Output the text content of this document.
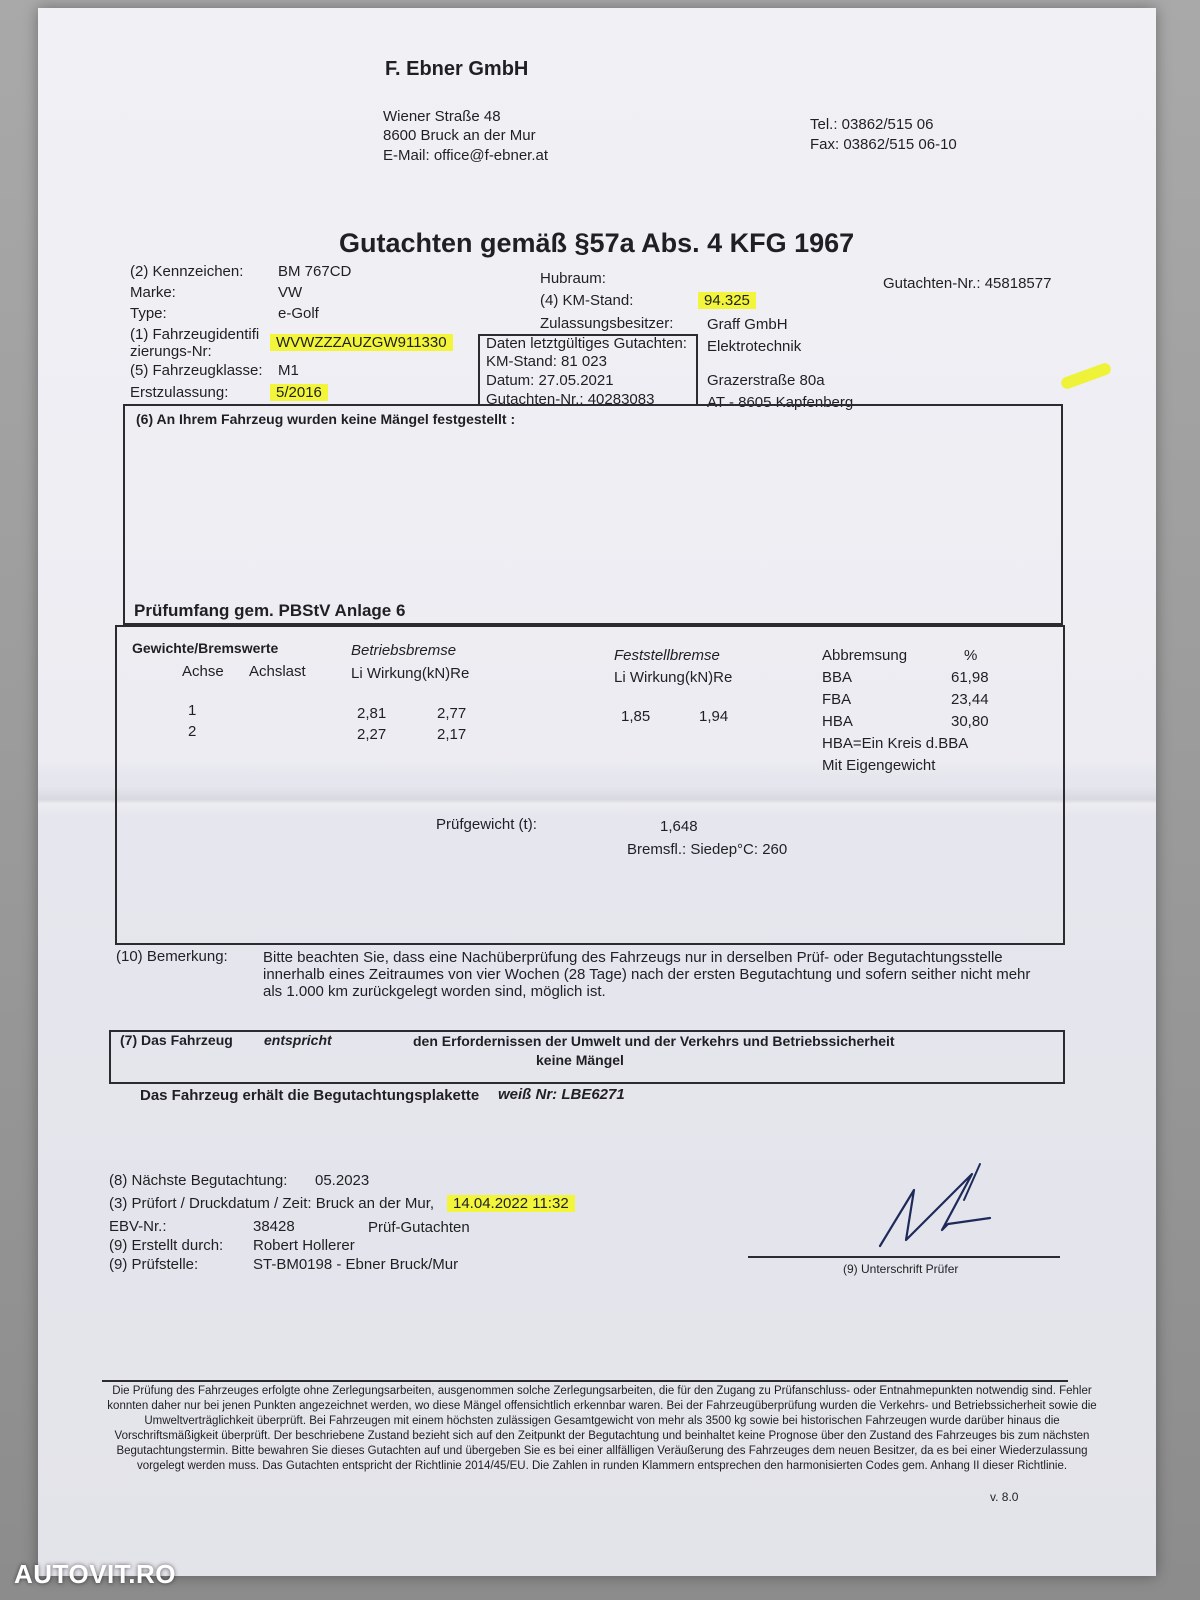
F. Ebner GmbH
Wiener Straße 48
8600 Bruck an der Mur
E-Mail: office@f-ebner.at
Tel.: 03862/515 06
Fax: 03862/515 06-10
Gutachten gemäß §57a Abs. 4 KFG 1967
(2) Kennzeichen: BM 767CD
Marke:	VW
Type:	e-Golf
(1) Fahrzeugidentifi
zierungs-Nr:
WVWZZZAUZGW911330
(5) Fahrzeugklasse: M1
Erstzulassung:	5/2016
Hubraum:
(4) KM-Stand:	94.325
Zulassungsbesitzer:
Daten letztgültiges Gutachten:
KM-Stand: 81 023
Datum: 27.05.2021
Gutachten-Nr.: 40283083
Graff GmbH
Elektrotechnik
Grazerstraße 80a
AT - 8605 Kapfenberg
Gutachten-Nr.: 45818577
(6) An Ihrem Fahrzeug wurden keine Mängel festgestellt :
Prüfumfang gem. PBStV Anlage 6
Gewichte/Bremswerte
Achse Achslast
Betriebsbremse
Li Wirkung(kN)Re
Feststellbremse
Li Wirkung(kN)Re
Abbremsung	%
1	2,81	2,77	1,85	1,94
2	2,27	2,17
BBA	61,98
FBA	23,44
HBA	30,80
HBA=Ein Kreis d.BBA
Mit Eigengewicht
Prüfgewicht (t):	1,648
Bremsfl.: Siedep°C: 260
(10) Bemerkung: Bitte beachten Sie, dass eine Nachüberprüfung des Fahrzeugs nur in derselben Prüf- oder Begutachtungsstelle innerhalb eines Zeitraumes von vier Wochen (28 Tage) nach der ersten Begutachtung und sofern seither nicht mehr als 1.000 km zurückgelegt worden sind, möglich ist.
(7) Das Fahrzeug entspricht	den Erfordernissen der Umwelt und der Verkehrs und Betriebssicherheit
keine Mängel
Das Fahrzeug erhält die Begutachtungsplakette weiß Nr: LBE6271
(8) Nächste Begutachtung: 05.2023
(3) Prüfort / Druckdatum / Zeit: Bruck an der Mur,	14.04.2022 11:32
EBV-Nr.:	38428	Prüf-Gutachten
(9) Erstellt durch: Robert Hollerer
(9) Prüfstelle:	ST-BM0198 - Ebner Bruck/Mur	(9) Unterschrift Prüfer
Die Prüfung des Fahrzeuges erfolgte ohne Zerlegungsarbeiten, ausgenommen solche Zerlegungsarbeiten, die für den Zugang zu Prüfanschluss- oder Entnahmepunkten notwendig sind. Fehler konnten daher nur bei jenen Punkten angezeichnet werden, wo diese Mängel offensichtlich erkennbar waren. Bei der Fahrzeugüberprüfung wurden die Verkehrs- und Betriebssicherheit sowie die Umweltverträglichkeit überprüft. Bei Fahrzeugen mit einem höchsten zulässigen Gesamtgewicht von mehr als 3500 kg sowie bei historischen Fahrzeugen wurde darüber hinaus die Vorschriftsmäßigkeit überprüft. Der beschriebene Zustand bezieht sich auf den Zeitpunkt der Begutachtung und beinhaltet keine Prognose über den Zustand des Fahrzeuges bis zum nächsten Begutachtungstermin. Bitte bewahren Sie dieses Gutachten auf und übergeben Sie es bei einer allfälligen Veräußerung des Fahrzeuges dem neuen Besitzer, da es bei einer Wiederzulassung vorgelegt werden muss. Das Gutachten entspricht der Richtlinie 2014/45/EU. Die Zahlen in runden Klammern entsprechen den harmonisierten Codes gem. Anhang II dieser Richtlinie.
v. 8.0
AUTOVIT.RO
